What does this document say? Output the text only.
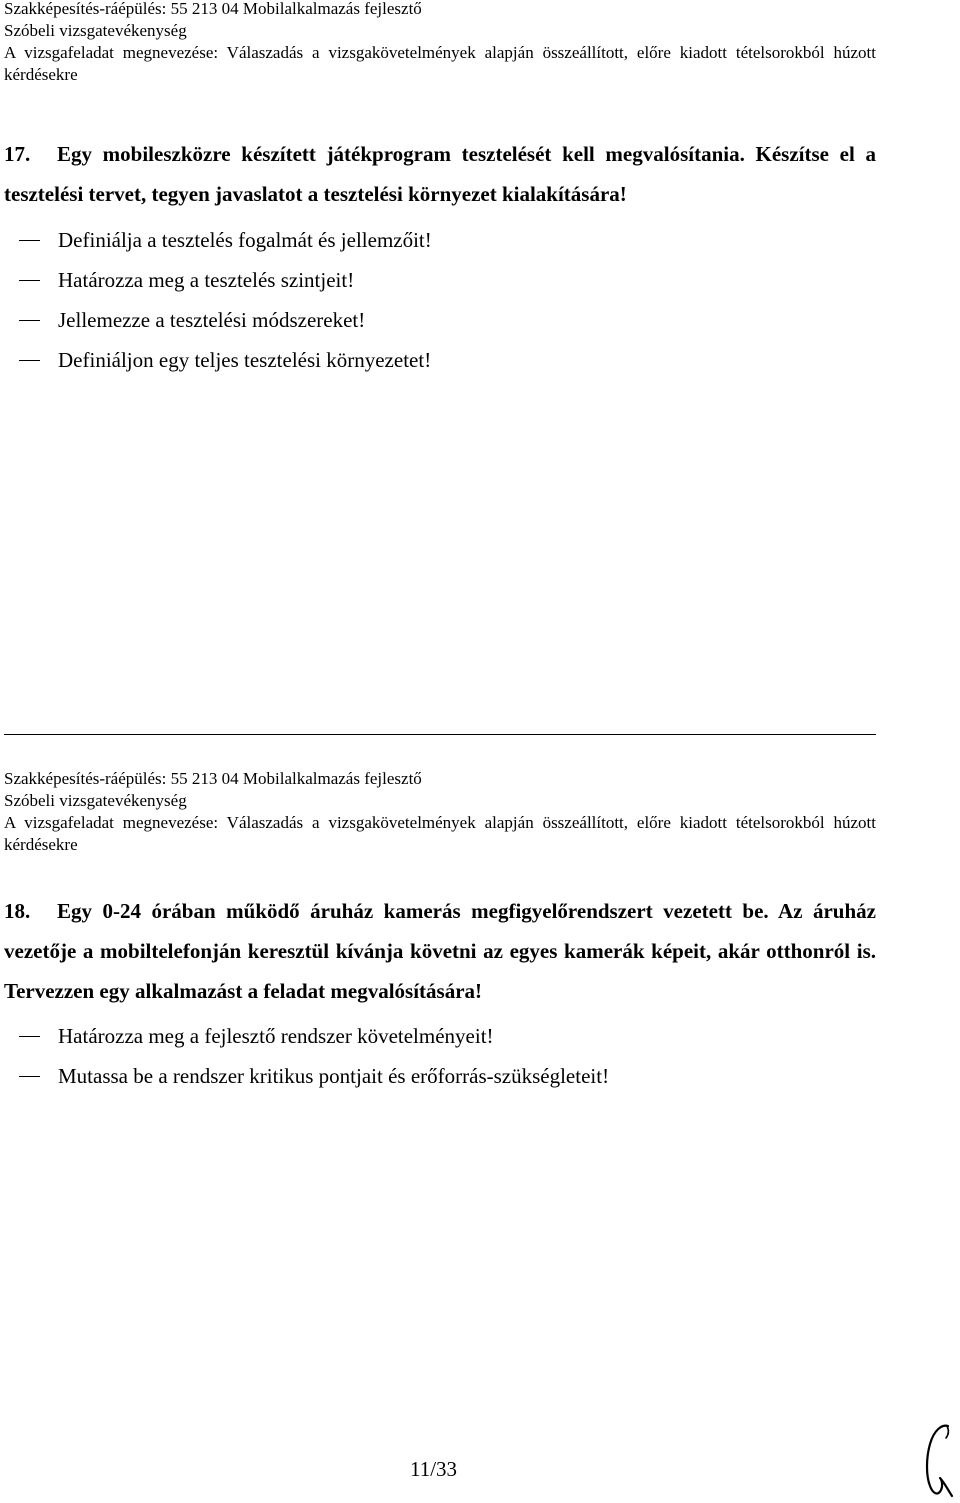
Szakképesítés-ráépülés: 55 213 04 Mobilalkalmazás fejlesztő
Szóbeli vizsgatevékenység
A vizsgafeladat megnevezése: Válaszadás a vizsgakövetelmények alapján összeállított, előre kiadott tételsorokból húzott kérdésekre
17. Egy mobileszközre készített játékprogram tesztelését kell megvalósítania. Készítse el a tesztelési tervet, tegyen javaslatot a tesztelési környezet kialakítására!
Definiálja a tesztelés fogalmát és jellemzőit!
Határozza meg a tesztelés szintjeit!
Jellemezze a tesztelési módszereket!
Definiáljon egy teljes tesztelési környezetet!
Szakképesítés-ráépülés: 55 213 04 Mobilalkalmazás fejlesztő
Szóbeli vizsgatevékenység
A vizsgafeladat megnevezése: Válaszadás a vizsgakövetelmények alapján összeállított, előre kiadott tételsorokból húzott kérdésekre
18. Egy 0-24 órában működő áruház kamerás megfigyelőrendszert vezetett be. Az áruház vezetője a mobiltelefonján keresztül kívánja követni az egyes kamerák képeit, akár otthonról is. Tervezzen egy alkalmazást a feladat megvalósítására!
Határozza meg a fejlesztő rendszer követelményeit!
Mutassa be a rendszer kritikus pontjait és erőforrás-szükségleteit!
11/33
